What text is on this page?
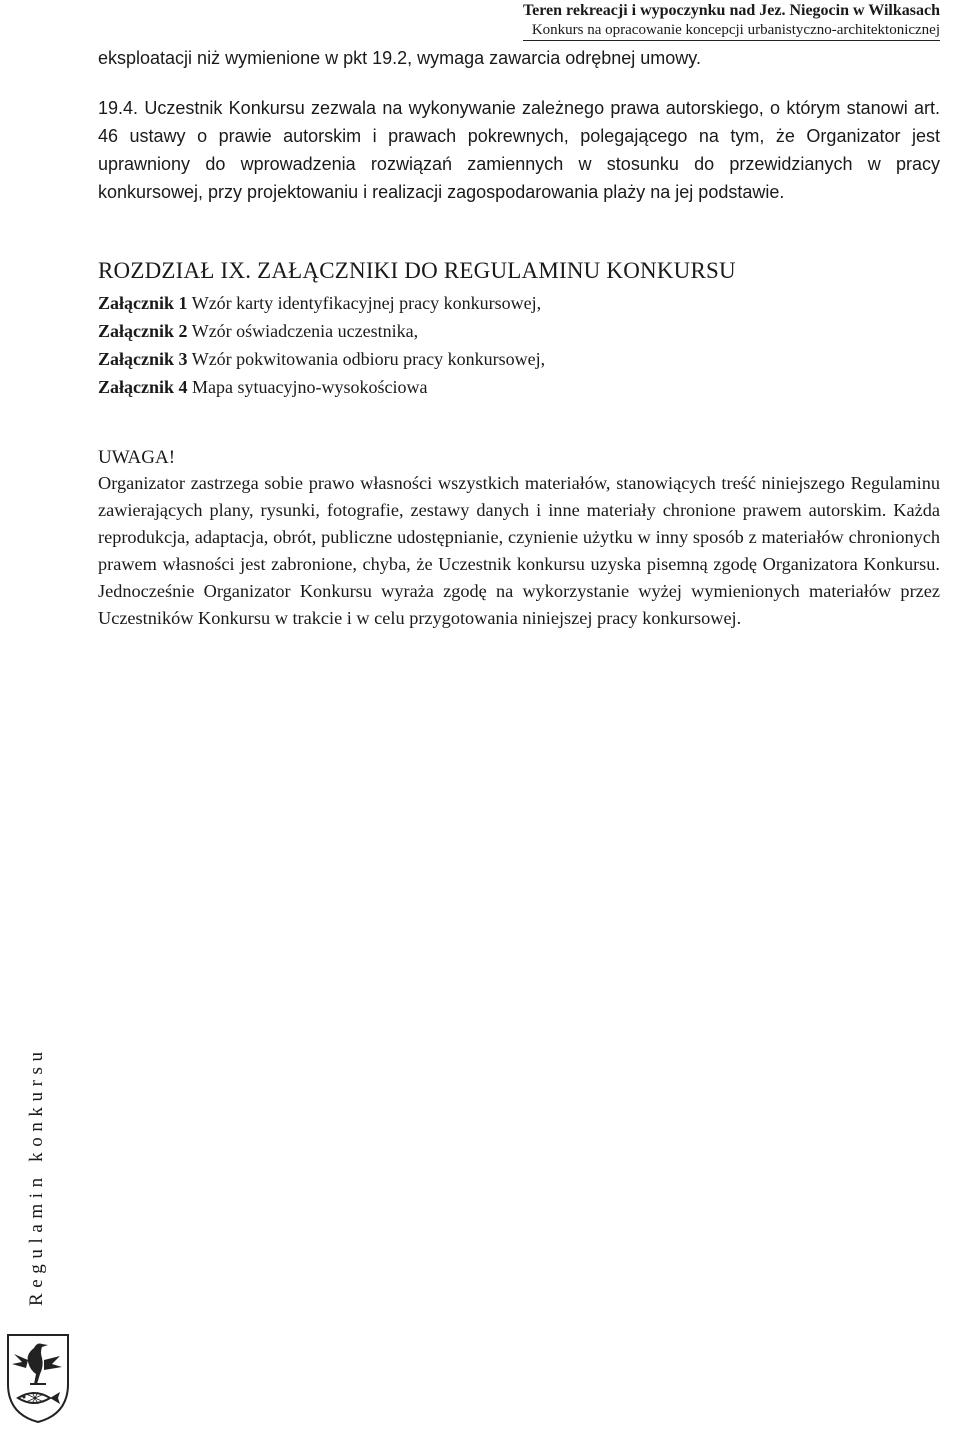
Teren rekreacji i wypoczynku nad Jez. Niegocin w Wilkasach
Konkurs na opracowanie koncepcji urbanistyczno-architektonicznej
eksploatacji niż wymienione w pkt 19.2, wymaga zawarcia odrębnej umowy.
19.4. Uczestnik Konkursu zezwala na wykonywanie zależnego prawa autorskiego, o którym stanowi art. 46 ustawy o prawie autorskim i prawach pokrewnych, polegającego na tym, że Organizator jest uprawniony do wprowadzenia rozwiązań zamiennych w stosunku do przewidzianych w pracy konkursowej, przy projektowaniu i realizacji zagospodarowania plaży na jej podstawie.
ROZDZIAŁ IX. ZAŁĄCZNIKI DO REGULAMINU KONKURSU
Załącznik 1 Wzór karty identyfikacyjnej pracy konkursowej,
Załącznik 2 Wzór oświadczenia uczestnika,
Załącznik 3 Wzór pokwitowania odbioru pracy konkursowej,
Załącznik 4 Mapa sytuacyjno-wysokościowa
UWAGA!
Organizator zastrzega sobie prawo własności wszystkich materiałów, stanowiących treść niniejszego Regulaminu zawierających plany, rysunki, fotografie, zestawy danych i inne materiały chronione prawem autorskim. Każda reprodukcja, adaptacja, obrót, publiczne udostępnianie, czynienie użytku w inny sposób z materiałów chronionych prawem własności jest zabronione, chyba, że Uczestnik konkursu uzyska pisemną zgodę Organizatora Konkursu. Jednocześnie Organizator Konkursu wyraża zgodę na wykorzystanie wyżej wymienionych materiałów przez Uczestników Konkursu w trakcie i w celu przygotowania niniejszej pracy konkursowej.
Regulamin konkursu
